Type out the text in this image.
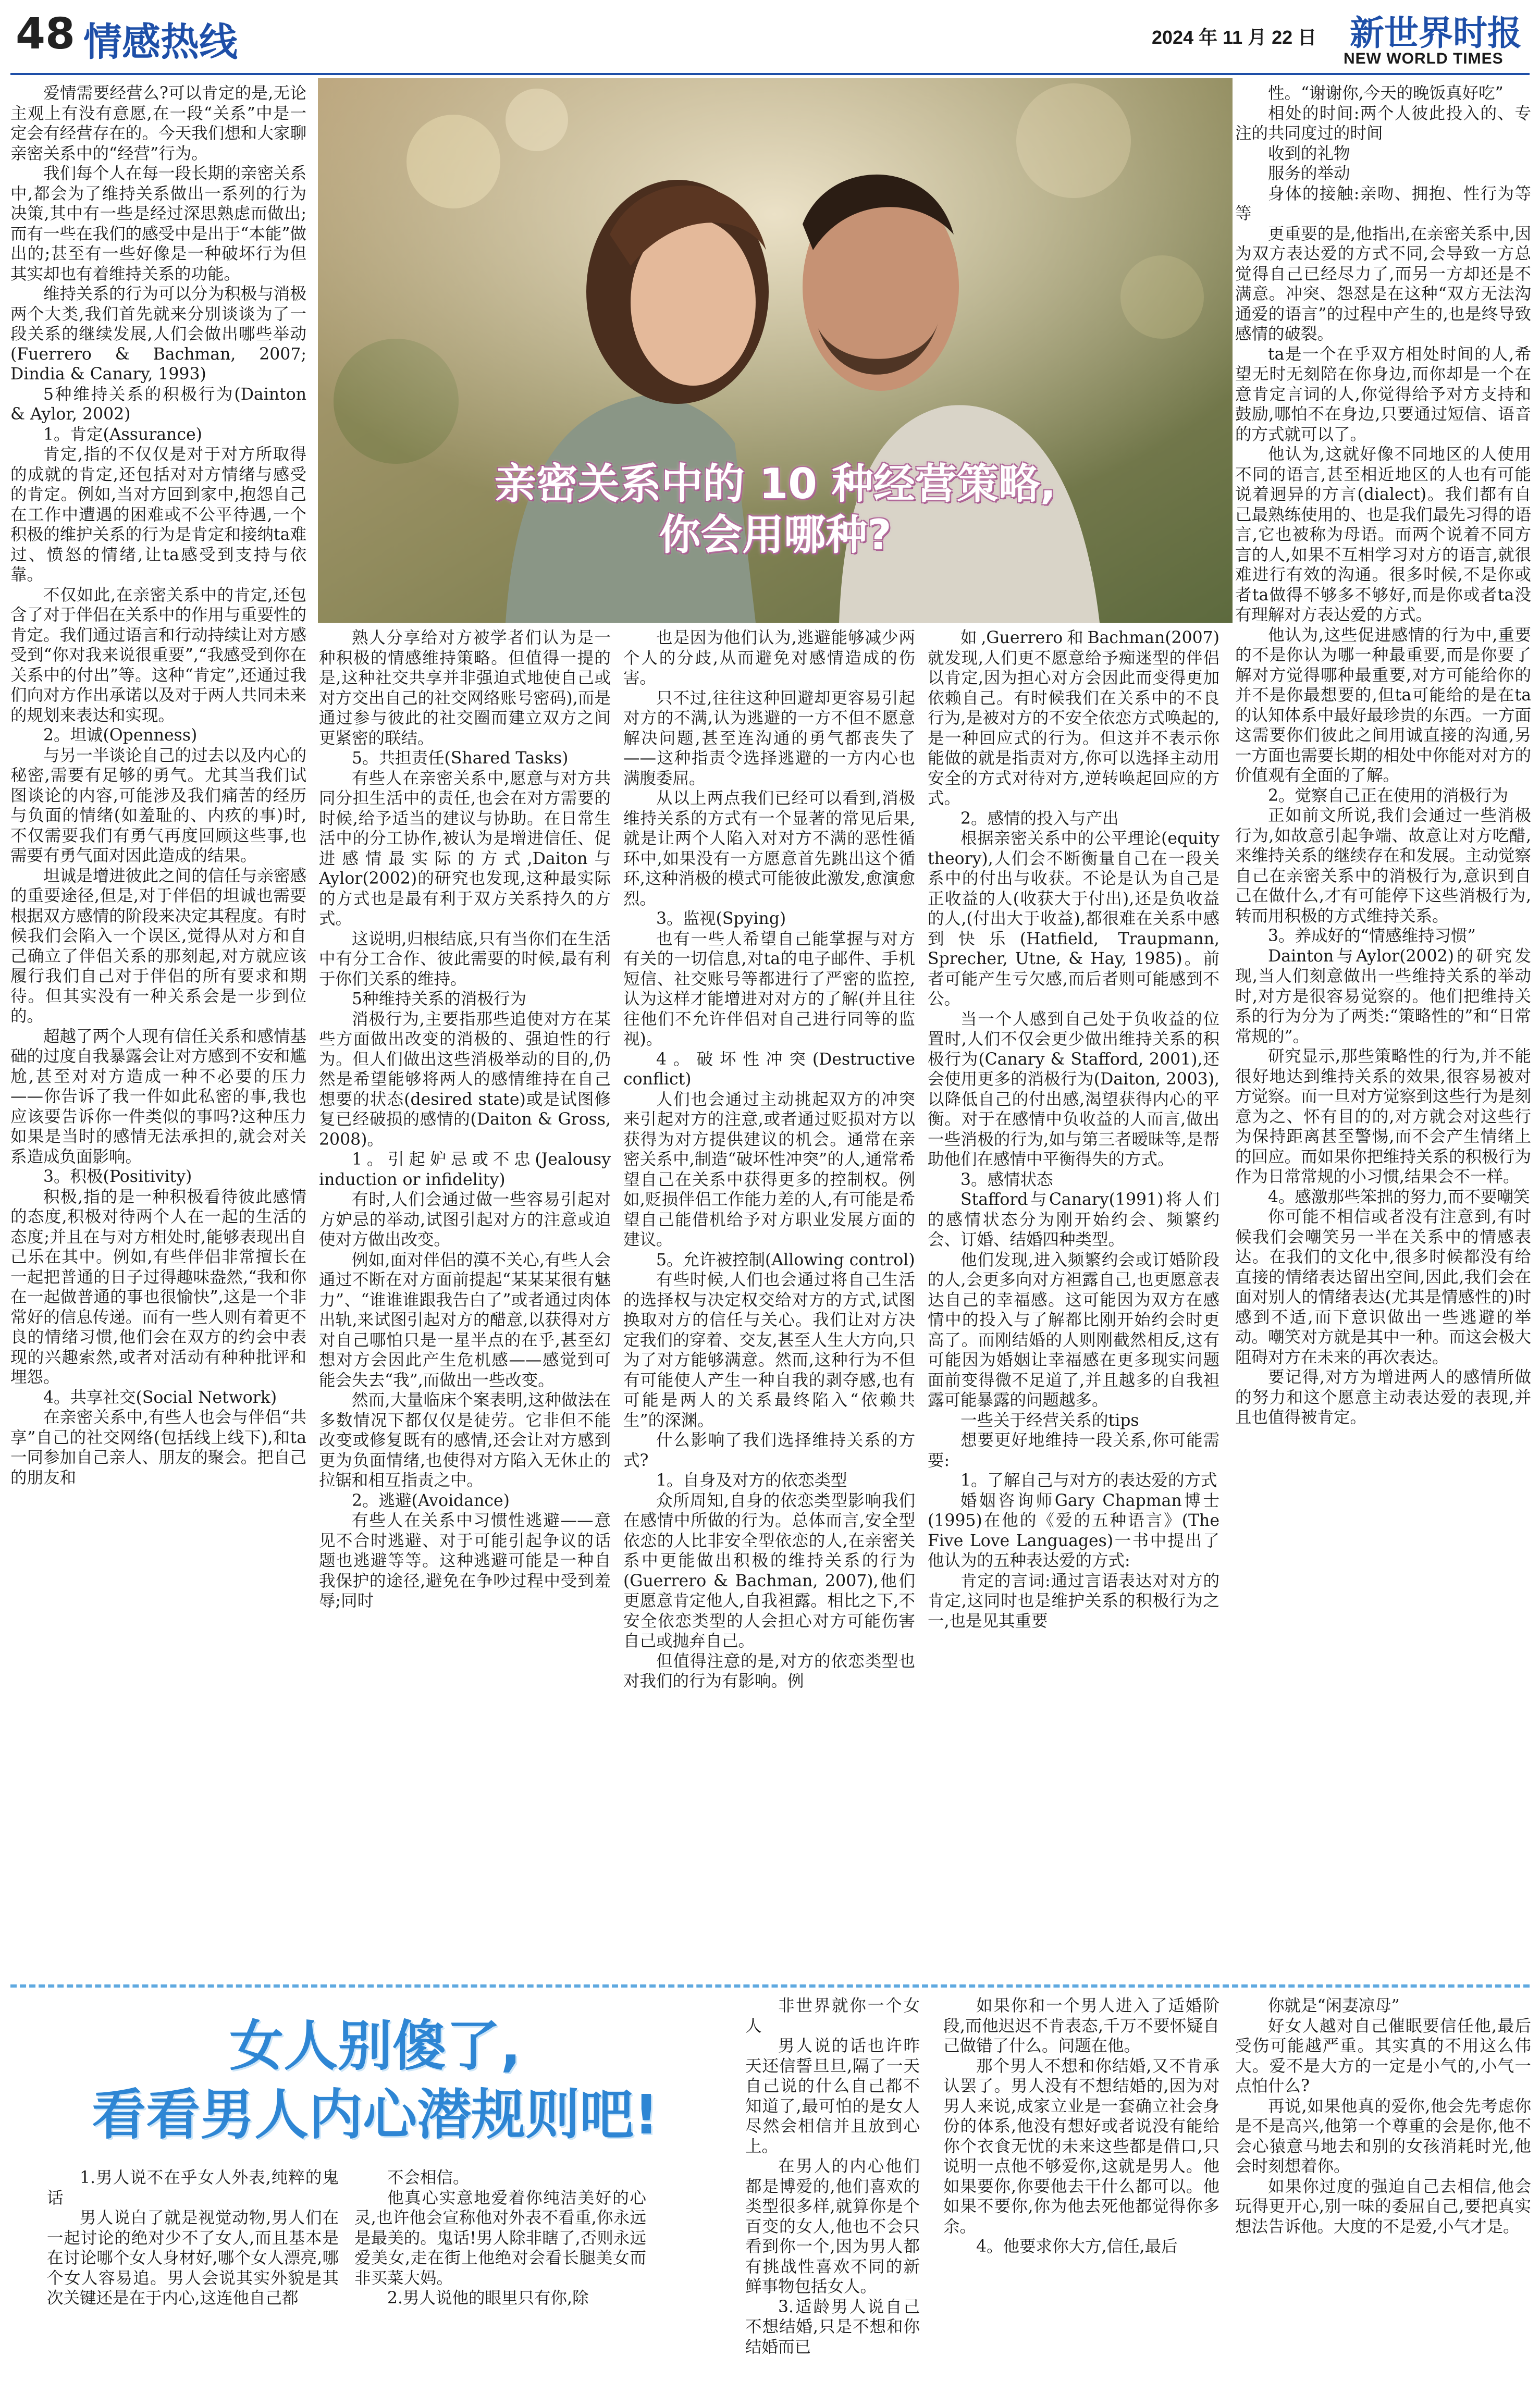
48 情感热线	2024 年 11 月 22 日 新世界时报
NEW WORLD TIMES
亲密关系中的 10 种经营策略,
你会用哪种?

爱情需要经营么?可以肯定的是,无论主观上有没有意愿,在一段“关系”中是一定会有经营存在的。今天我们想和大家聊亲密关系中的“经营”行为。

我们每个人在每一段长期的亲密关系中,都会为了维持关系做出一系列的行为决策,其中有一些是经过深思熟虑而做出;而有一些在我们的感受中是出于“本能”做出的;甚至有一些好像是一种破坏行为但其实却也有着维持关系的功能。

维持关系的行为可以分为积极与消极两个大类,我们首先就来分别谈谈为了一段关系的继续发展,人们会做出哪些举动(Fuerrero & Bachman, 2007; Dindia & Canary, 1993)

5种维持关系的积极行为(Dainton & Aylor, 2002)

1。肯定(Assurance)

肯定,指的不仅仅是对于对方所取得的成就的肯定,还包括对对方情绪与感受的肯定。例如,当对方回到家中,抱怨自己在工作中遭遇的困难或不公平待遇,一个积极的维护关系的行为是肯定和接纳ta难过、愤怒的情绪,让ta感受到支持与依靠。

不仅如此,在亲密关系中的肯定,还包含了对于伴侣在关系中的作用与重要性的肯定。我们通过语言和行动持续让对方感受到“你对我来说很重要”,“我感受到你在关系中的付出”等。这种“肯定”,还通过我们向对方作出承诺以及对于两人共同未来的规划来表达和实现。

2。坦诚(Openness)

与另一半谈论自己的过去以及内心的秘密,需要有足够的勇气。尤其当我们试图谈论的内容,可能涉及我们痛苦的经历与负面的情绪(如羞耻的、内疚的事)时,不仅需要我们有勇气再度回顾这些事,也需要有勇气面对因此造成的结果。

坦诚是增进彼此之间的信任与亲密感的重要途径,但是,对于伴侣的坦诚也需要根据双方感情的阶段来决定其程度。有时候我们会陷入一个误区,觉得从对方和自己确立了伴侣关系的那刻起,对方就应该履行我们自己对于伴侣的所有要求和期待。但其实没有一种关系会是一步到位的。

超越了两个人现有信任关系和感情基础的过度自我暴露会让对方感到不安和尴尬,甚至对对方造成一种不必要的压力——你告诉了我一件如此私密的事,我也应该要告诉你一件类似的事吗?这种压力如果是当时的感情无法承担的,就会对关系造成负面影响。

3。积极(Positivity)

积极,指的是一种积极看待彼此感情的态度,积极对待两个人在一起的生活的态度;并且在与对方相处时,能够表现出自己乐在其中。例如,有些伴侣非常擅长在一起把普通的日子过得趣味盎然,“我和你在一起做普通的事也很愉快”,这是一个非常好的信息传递。而有一些人则有着更不良的情绪习惯,他们会在双方的约会中表现的兴趣索然,或者对活动有种种批评和埋怨。

4。共享社交(Social Network)

在亲密关系中,有些人也会与伴侣“共享”自己的社交网络(包括线上线下),和ta一同参加自己亲人、朋友的聚会。把自己的朋友和

熟人分享给对方被学者们认为是一种积极的情感维持策略。但值得一提的是,这种社交共享并非强迫式地使自己或对方交出自己的社交网络账号密码),而是通过参与彼此的社交圈而建立双方之间更紧密的联结。

5。共担责任(Shared Tasks)

有些人在亲密关系中,愿意与对方共同分担生活中的责任,也会在对方需要的时候,给予适当的建议与协助。在日常生活中的分工协作,被认为是增进信任、促进感情最实际的方式,Daiton与Aylor(2002)的研究也发现,这种最实际的方式也是最有利于双方关系持久的方式。

这说明,归根结底,只有当你们在生活中有分工合作、彼此需要的时候,最有利于你们关系的维持。

5种维持关系的消极行为

消极行为,主要指那些追使对方在某些方面做出改变的消极的、强迫性的行为。但人们做出这些消极举动的目的,仍然是希望能够将两人的感情维持在自己想要的状态(desired state)或是试图修复已经破损的感情的(Daiton & Gross, 2008)。

1。引起妒忌或不忠(Jealousy induction or infidelity)

有时,人们会通过做一些容易引起对方妒忌的举动,试图引起对方的注意或迫使对方做出改变。

例如,面对伴侣的漠不关心,有些人会通过不断在对方面前提起“某某某很有魅力”、“谁谁谁跟我告白了”或者通过肉体出轨,来试图引起对方的醋意,以获得对方对自己哪怕只是一星半点的在乎,甚至幻想对方会因此产生危机感——感觉到可能会失去“我”,而做出一些改变。

然而,大量临床个案表明,这种做法在多数情况下都仅仅是徒劳。它非但不能改变或修复既有的感情,还会让对方感到更为负面情绪,也使得对方陷入无休止的拉锯和相互指责之中。

2。逃避(Avoidance)

有些人在关系中习惯性逃避——意见不合时逃避、对于可能引起争议的话题也逃避等等。这种逃避可能是一种自我保护的途径,避免在争吵过程中受到羞辱;同时

也是因为他们认为,逃避能够减少两个人的分歧,从而避免对感情造成的伤害。

只不过,往往这种回避却更容易引起对方的不满,认为逃避的一方不但不愿意解决问题,甚至连沟通的勇气都丧失了——这种指责令选择逃避的一方内心也满腹委屈。

从以上两点我们已经可以看到,消极维持关系的方式有一个显著的常见后果,就是让两个人陷入对对方不满的恶性循环中,如果没有一方愿意首先跳出这个循环,这种消极的模式可能彼此激发,愈演愈烈。

3。监视(Spying)

也有一些人希望自己能掌握与对方有关的一切信息,对ta的电子邮件、手机短信、社交账号等都进行了严密的监控,认为这样才能增进对对方的了解(并且往往他们不允许伴侣对自己进行同等的监视)。

4。破坏性冲突(Destructive conflict)

人们也会通过主动挑起双方的冲突来引起对方的注意,或者通过贬损对方以获得为对方提供建议的机会。通常在亲密关系中,制造“破坏性冲突”的人,通常希望自己在关系中获得更多的控制权。例如,贬损伴侣工作能力差的人,有可能是希望自己能借机给予对方职业发展方面的建议。

5。允许被控制(Allowing control)

有些时候,人们也会通过将自己生活的选择权与决定权交给对方的方式,试图换取对方的信任与关心。我们让对方决定我们的穿着、交友,甚至人生大方向,只为了对方能够满意。然而,这种行为不但有可能使人产生一种自我的剥夺感,也有可能是两人的关系最终陷入“依赖共生”的深渊。

什么影响了我们选择维持关系的方式?

1。自身及对方的依恋类型

众所周知,自身的依恋类型影响我们在感情中所做的行为。总体而言,安全型依恋的人比非安全型依恋的人,在亲密关系中更能做出积极的维持关系的行为(Guerrero & Bachman, 2007),他们更愿意肯定他人,自我袒露。相比之下,不安全依恋类型的人会担心对方可能伤害自己或抛弃自己。

但值得注意的是,对方的依恋类型也对我们的行为有影响。例

如,Guerrero和Bachman(2007)就发现,人们更不愿意给予痴迷型的伴侣以肯定,因为担心对方会因此而变得更加依赖自己。有时候我们在关系中的不良行为,是被对方的不安全依恋方式唤起的,是一种回应式的行为。但这并不表示你能做的就是指责对方,你可以选择主动用安全的方式对待对方,逆转唤起回应的方式。

2。感情的投入与产出

根据亲密关系中的公平理论(equity theory),人们会不断衡量自己在一段关系中的付出与收获。不论是认为自己是正收益的人(收获大于付出),还是负收益的人,(付出大于收益),都很难在关系中感到快乐(Hatfield, Traupmann, Sprecher, Utne, & Hay, 1985)。前者可能产生亏欠感,而后者则可能感到不公。

当一个人感到自己处于负收益的位置时,人们不仅会更少做出维持关系的积极行为(Canary & Stafford, 2001),还会使用更多的消极行为(Daiton, 2003),以降低自己的付出感,渴望获得内心的平衡。对于在感情中负收益的人而言,做出一些消极的行为,如与第三者暧昧等,是帮助他们在感情中平衡得失的方式。

3。感情状态

Stafford与Canary(1991)将人们的感情状态分为刚开始约会、频繁约会、订婚、结婚四种类型。

他们发现,进入频繁约会或订婚阶段的人,会更多向对方袒露自己,也更愿意表达自己的幸福感。这可能因为双方在感情中的投入与了解都比刚开始约会时更高了。而刚结婚的人则刚截然相反,这有可能因为婚姻让幸福感在更多现实问题面前变得微不足道了,并且越多的自我袒露可能暴露的问题越多。

一些关于经营关系的tips

想要更好地维持一段关系,你可能需要:

1。了解自己与对方的表达爱的方式

婚姻咨询师Gary Chapman博士(1995)在他的《爱的五种语言》(The Five Love Languages)一书中提出了他认为的五种表达爱的方式:

肯定的言词:通过言语表达对对方的肯定,这同时也是维护关系的积极行为之一,也是见其重要

性。“谢谢你,今天的晚饭真好吃”

相处的时间:两个人彼此投入的、专注的共同度过的时间

收到的礼物

服务的举动

身体的接触:亲吻、拥抱、性行为等等

更重要的是,他指出,在亲密关系中,因为双方表达爱的方式不同,会导致一方总觉得自己已经尽力了,而另一方却还是不满意。冲突、怨怼是在这种“双方无法沟通爱的语言”的过程中产生的,也是终导致感情的破裂。

ta是一个在乎双方相处时间的人,希望无时无刻陪在你身边,而你却是一个在意肯定言词的人,你觉得给予对方支持和鼓励,哪怕不在身边,只要通过短信、语音的方式就可以了。

他认为,这就好像不同地区的人使用不同的语言,甚至相近地区的人也有可能说着迥异的方言(dialect)。我们都有自己最熟练使用的、也是我们最先习得的语言,它也被称为母语。而两个说着不同方言的人,如果不互相学习对方的语言,就很难进行有效的沟通。很多时候,不是你或者ta做得不够多不够好,而是你或者ta没有理解对方表达爱的方式。

他认为,这些促进感情的行为中,重要的不是你认为哪一种最重要,而是你要了解对方觉得哪种最重要,对方可能给你的并不是你最想要的,但ta可能给的是在ta的认知体系中最好最珍贵的东西。一方面这需要你们彼此之间用诚直接的沟通,另一方面也需要长期的相处中你能对对方的价值观有全面的了解。

2。觉察自己正在使用的消极行为

正如前文所说,我们会通过一些消极行为,如故意引起争端、故意让对方吃醋,来维持关系的继续存在和发展。主动觉察自己在亲密关系中的消极行为,意识到自己在做什么,才有可能停下这些消极行为,转而用积极的方式维持关系。

3。养成好的“情感维持习惯”

Dainton与Aylor(2002)的研究发现,当人们刻意做出一些维持关系的举动时,对方是很容易觉察的。他们把维持关系的行为分为了两类:“策略性的”和“日常常规的”。

研究显示,那些策略性的行为,并不能很好地达到维持关系的效果,很容易被对方觉察。而一旦对方觉察到这些行为是刻意为之、怀有目的的,对方就会对这些行为保持距离甚至警惕,而不会产生情绪上的回应。而如果你把维持关系的积极行为作为日常常规的小习惯,结果会不一样。

4。感激那些笨拙的努力,而不要嘲笑

你可能不相信或者没有注意到,有时候我们会嘲笑另一半在关系中的情感表达。在我们的文化中,很多时候都没有给直接的情绪表达留出空间,因此,我们会在面对别人的情绪表达(尤其是情感性的)时感到不适,而下意识做出一些逃避的举动。嘲笑对方就是其中一种。而这会极大阻碍对方在未来的再次表达。

要记得,对方为增进两人的感情所做的努力和这个愿意主动表达爱的表现,并且也值得被肯定。

女人别傻了,
看看男人内心潜规则吧!

1.男人说不在乎女人外表,纯粹的鬼话

男人说白了就是视觉动物,男人们在一起讨论的绝对少不了女人,而且基本是在讨论哪个女人身材好,哪个女人漂亮,哪个女人容易追。男人会说其实外貌是其次关键还是在于内心,这连他自己都

不会相信。

他真心实意地爱着你纯洁美好的心灵,也许他会宣称他对外表不看重,你永远是最美的。鬼话!男人除非瞎了,否则永远爱美女,走在街上他绝对会看长腿美女而非买菜大妈。

2.男人说他的眼里只有你,除

非世界就你一个女人

男人说的话也许昨天还信誓旦旦,隔了一天自己说的什么自己都不知道了,最可怕的是女人尽然会相信并且放到心上。

在男人的内心他们都是博爱的,他们喜欢的类型很多样,就算你是个百变的女人,他也不会只看到你一个,因为男人都有挑战性喜欢不同的新鲜事物包括女人。

3.适龄男人说自己不想结婚,只是不想和你结婚而已

如果你和一个男人进入了适婚阶段,而他迟迟不肯表态,千万不要怀疑自己做错了什么。问题在他。

那个男人不想和你结婚,又不肯承认罢了。男人没有不想结婚的,因为对男人来说,成家立业是一套确立社会身份的体系,他没有想好或者说没有能给你个衣食无忧的未来这些都是借口,只说明一点他不够爱你,这就是男人。他如果要你,你要他去干什么都可以。他如果不要你,你为他去死他都觉得你多余。

4。他要求你大方,信任,最后

你就是“闲妻凉母”

好女人越对自己催眠要信任他,最后受伤可能越严重。其实真的不用这么伟大。爱不是大方的一定是小气的,小气一点怕什么?

再说,如果他真的爱你,他会先考虑你是不是高兴,他第一个尊重的会是你,他不会心猿意马地去和别的女孩消耗时光,他会时刻想着你。

如果你过度的强迫自己去相信,他会玩得更开心,别一味的委屈自己,要把真实想法告诉他。大度的不是爱,小气才是。
